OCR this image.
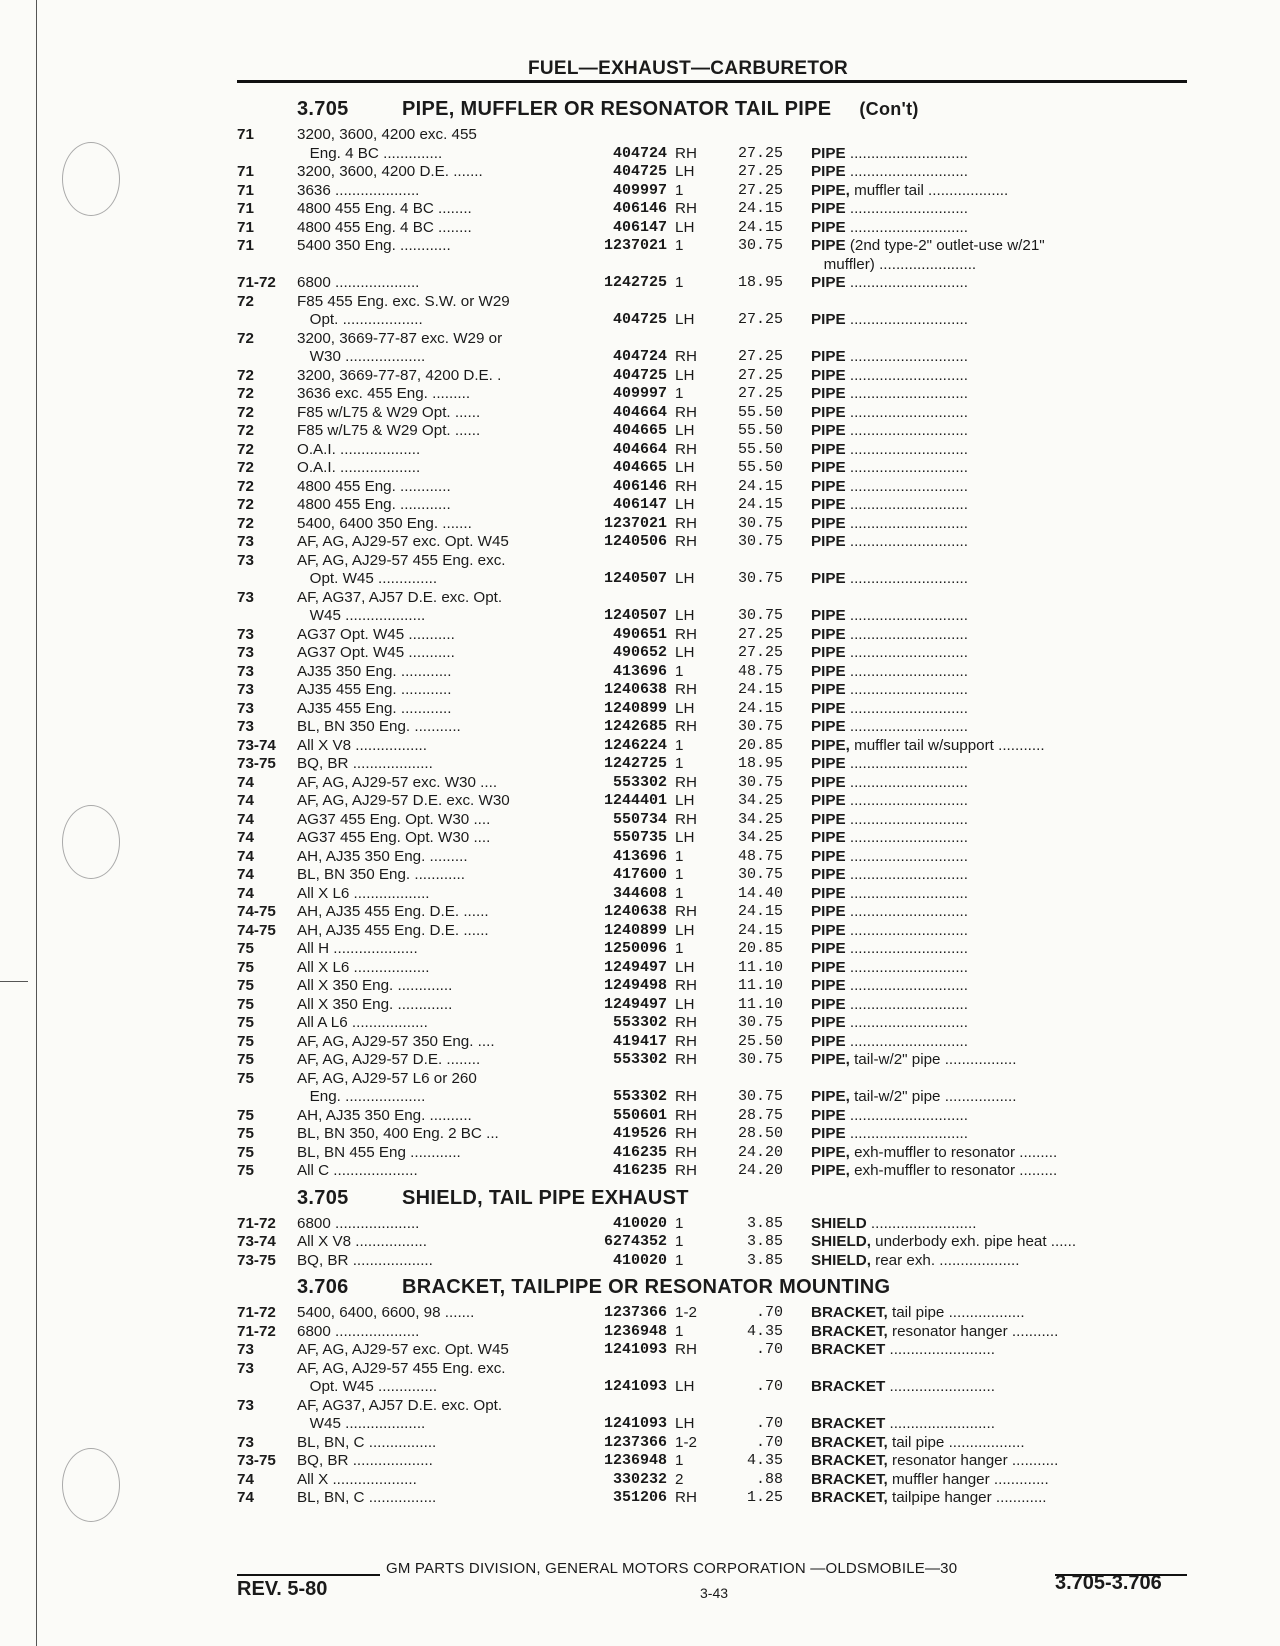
FUEL—EXHAUST—CARBURETOR
3.705	PIPE, MUFFLER OR RESONATOR TAIL PIPE (Con't)
71	3200, 3600, 4200 exc. 455
Eng. 4 BC ..............	404724 RH	27.25	PIPE ............................
71	3200, 3600, 4200 D.E. .......	404725 LH	27.25	PIPE ............................
71	3636 ....................	409997 1	27.25	PIPE, muffler tail ...................
71	4800 455 Eng. 4 BC ........	406146 RH	24.15	PIPE ............................
71	4800 455 Eng. 4 BC ........	406147 LH	24.15	PIPE ............................
71	5400 350 Eng. ............	1237021 1	30.75	PIPE (2nd type-2" outlet-use w/21"
muffler) .......................
71-72	6800 ....................	1242725 1	18.95	PIPE ............................
72	F85 455 Eng. exc. S.W. or W29
Opt. ...................	404725 LH	27.25	PIPE ............................
72	3200, 3669-77-87 exc. W29 or
W30 ...................	404724 RH	27.25	PIPE ............................
72	3200, 3669-77-87, 4200 D.E. .	404725 LH	27.25	PIPE ............................
72	3636 exc. 455 Eng. .........	409997 1	27.25	PIPE ............................
72	F85 w/L75 & W29 Opt. ......	404664 RH	55.50	PIPE ............................
72	F85 w/L75 & W29 Opt. ......	404665 LH	55.50	PIPE ............................
72	O.A.I. ...................	404664 RH	55.50	PIPE ............................
72	O.A.I. ...................	404665 LH	55.50	PIPE ............................
72	4800 455 Eng. ............	406146 RH	24.15	PIPE ............................
72	4800 455 Eng. ............	406147 LH	24.15	PIPE ............................
72	5400, 6400 350 Eng. .......	1237021 RH	30.75	PIPE ............................
73	AF, AG, AJ29-57 exc. Opt. W45	1240506 RH	30.75	PIPE ............................
73	AF, AG, AJ29-57 455 Eng. exc.
Opt. W45 ..............	1240507 LH	30.75	PIPE ............................
73	AF, AG37, AJ57 D.E. exc. Opt.
W45 ...................	1240507 LH	30.75	PIPE ............................
73	AG37 Opt. W45 ...........	490651 RH	27.25	PIPE ............................
73	AG37 Opt. W45 ...........	490652 LH	27.25	PIPE ............................
73	AJ35 350 Eng. ............	413696 1	48.75	PIPE ............................
73	AJ35 455 Eng. ............	1240638 RH	24.15	PIPE ............................
73	AJ35 455 Eng. ............	1240899 LH	24.15	PIPE ............................
73	BL, BN 350 Eng. ...........	1242685 RH	30.75	PIPE ............................
73-74	All X V8 .................	1246224 1	20.85	PIPE, muffler tail w/support ...........
73-75	BQ, BR ...................	1242725 1	18.95	PIPE ............................
74	AF, AG, AJ29-57 exc. W30 ....	553302 RH	30.75	PIPE ............................
74	AF, AG, AJ29-57 D.E. exc. W30	1244401 LH	34.25	PIPE ............................
74	AG37 455 Eng. Opt. W30 ....	550734 RH	34.25	PIPE ............................
74	AG37 455 Eng. Opt. W30 ....	550735 LH	34.25	PIPE ............................
74	AH, AJ35 350 Eng. .........	413696 1	48.75	PIPE ............................
74	BL, BN 350 Eng. ............	417600 1	30.75	PIPE ............................
74	All X L6 ..................	344608 1	14.40	PIPE ............................
74-75	AH, AJ35 455 Eng. D.E. ......	1240638 RH	24.15	PIPE ............................
74-75	AH, AJ35 455 Eng. D.E. ......	1240899 LH	24.15	PIPE ............................
75	All H ....................	1250096 1	20.85	PIPE ............................
75	All X L6 ..................	1249497 LH	11.10	PIPE ............................
75	All X 350 Eng. .............	1249498 RH	11.10	PIPE ............................
75	All X 350 Eng. .............	1249497 LH	11.10	PIPE ............................
75	All A L6 ..................	553302 RH	30.75	PIPE ............................
75	AF, AG, AJ29-57 350 Eng. ....	419417 RH	25.50	PIPE ............................
75	AF, AG, AJ29-57 D.E. ........	553302 RH	30.75	PIPE, tail-w/2" pipe .................
75	AF, AG, AJ29-57 L6 or 260
Eng. ...................	553302 RH	30.75	PIPE, tail-w/2" pipe .................
75	AH, AJ35 350 Eng. ..........	550601 RH	28.75	PIPE ............................
75	BL, BN 350, 400 Eng. 2 BC ...	419526 RH	28.50	PIPE ............................
75	BL, BN 455 Eng ............	416235 RH	24.20	PIPE, exh-muffler to resonator .........
75	All C ....................	416235 RH	24.20	PIPE, exh-muffler to resonator .........
3.705	SHIELD, TAIL PIPE EXHAUST
71-72	6800 ....................	410020 1	3.85	SHIELD .........................
73-74	All X V8 .................	6274352 1	3.85	SHIELD, underbody exh. pipe heat ......
73-75	BQ, BR ...................	410020 1	3.85	SHIELD, rear exh. ...................
3.706	BRACKET, TAILPIPE OR RESONATOR MOUNTING
71-72	5400, 6400, 6600, 98 .......	1237366 1-2	.70	BRACKET, tail pipe ..................
71-72	6800 ....................	1236948 1	4.35	BRACKET, resonator hanger ...........
73	AF, AG, AJ29-57 exc. Opt. W45	1241093 RH	.70	BRACKET .........................
73	AF, AG, AJ29-57 455 Eng. exc.
Opt. W45 ..............	1241093 LH	.70	BRACKET .........................
73	AF, AG37, AJ57 D.E. exc. Opt.
W45 ...................	1241093 LH	.70	BRACKET .........................
73	BL, BN, C ................	1237366 1-2	.70	BRACKET, tail pipe ..................
73-75	BQ, BR ...................	1236948 1	4.35	BRACKET, resonator hanger ...........
74	All X ....................	330232 2	.88	BRACKET, muffler hanger .............
74	BL, BN, C ................	351206 RH	1.25	BRACKET, tailpipe hanger ............
GM PARTS DIVISION, GENERAL MOTORS CORPORATION —OLDSMOBILE—30
REV. 5-80	3-43	3.705-3.706
